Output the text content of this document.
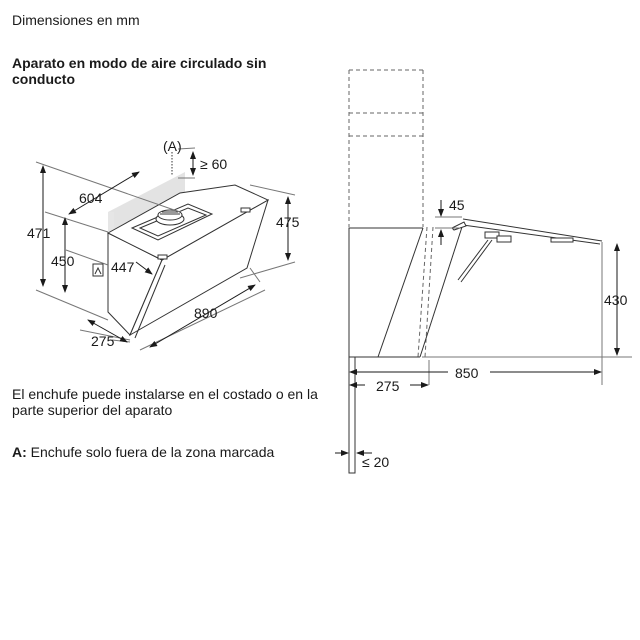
Dimensiones en mm
Aparato en modo de aire circulado sin conducto
(A)
≥ 60
604
471
450	447
275
890
475
45
430
850
275
≤ 20
El enchufe puede instalarse en el costado o en la parte superior del aparato
A: Enchufe solo fuera de la zona marcada
